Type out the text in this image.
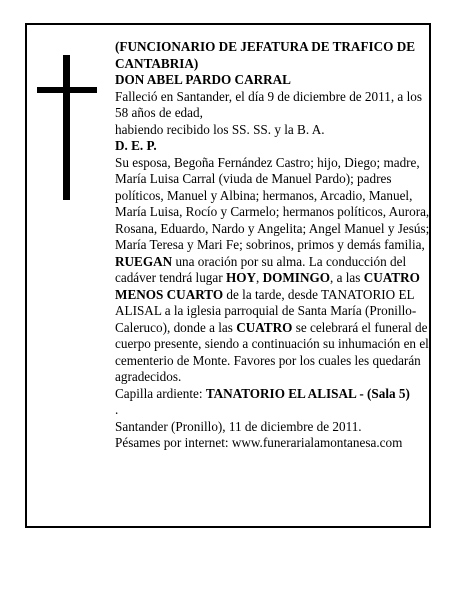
(FUNCIONARIO DE JEFATURA DE TRAFICO DE CANTABRIA)

DON ABEL PARDO CARRAL

Falleció en Santander, el día 9 de diciembre de 2011, a los 58 años de edad,

habiendo recibido los SS. SS. y la B. A.

D. E. P.

Su esposa, Begoña Fernández Castro; hijo, Diego; madre, María Luisa Carral (viuda de Manuel Pardo); padres políticos, Manuel y Albina; hermanos, Arcadio, Manuel, María Luisa, Rocío y Carmelo; hermanos políticos, Aurora, Rosana, Eduardo, Nardo y Angelita; Angel Manuel y Jesús; María Teresa y Mari Fe; sobrinos, primos y demás familia,

RUEGAN una oración por su alma. La conducción del cadáver tendrá lugar HOY, DOMINGO, a las CUATRO MENOS CUARTO de la tarde, desde TANATORIO EL ALISAL a la iglesia parroquial de Santa María (Pronillo-Caleruco), donde a las CUATRO se celebrará el funeral de cuerpo presente, siendo a continuación su inhumación en el cementerio de Monte. Favores por los cuales les quedarán agradecidos.

Capilla ardiente: TANATORIO EL ALISAL - (Sala 5)

.

Santander (Pronillo), 11 de diciembre de 2011.

Pésames por internet: www.funerarialamontanesa.com
